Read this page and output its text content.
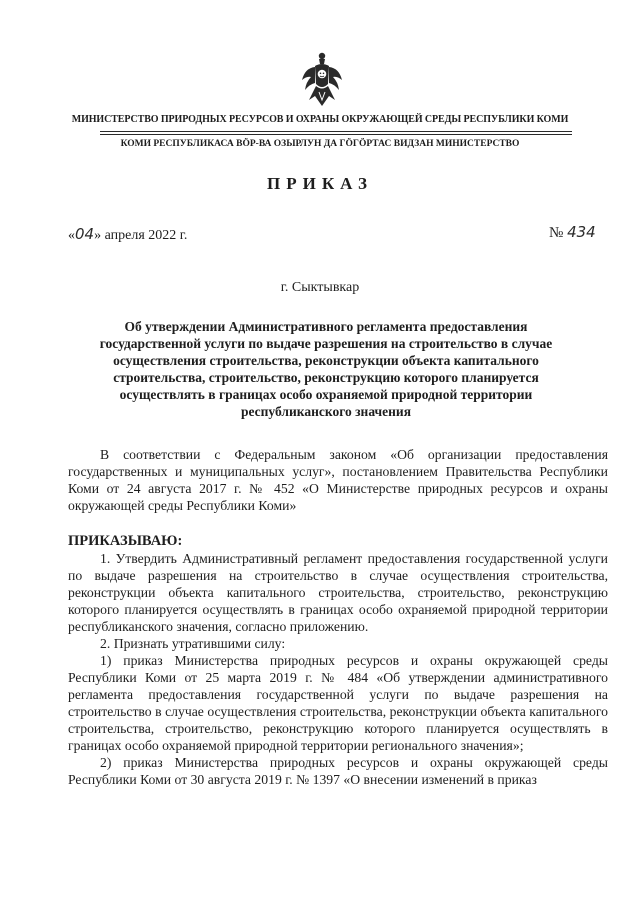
МИНИСТЕРСТВО ПРИРОДНЫХ РЕСУРСОВ И ОХРАНЫ ОКРУЖАЮЩЕЙ СРЕДЫ РЕСПУБЛИКИ КОМИ
КОМИ РЕСПУБЛИКАСА ВӦР-ВА ОЗЫРЛУН ДА ГӦГӦРТАС ВИДЗАН МИНИСТЕРСТВО
ПРИКАЗ
«04» апреля 2022 г.	№ 434
г. Сыктывкар
Об утверждении Административного регламента предоставления государственной услуги по выдаче разрешения на строительство в случае осуществления строительства, реконструкции объекта капитального строительства, строительство, реконструкцию которого планируется осуществлять в границах особо охраняемой природной территории республиканского значения

В соответствии с Федеральным законом «Об организации предоставления государственных и муниципальных услуг», постановлением Правительства Республики Коми от 24 августа 2017 г. № 452 «О Министерстве природных ресурсов и охраны окружающей среды Республики Коми»

ПРИКАЗЫВАЮ:

1. Утвердить Административный регламент предоставления государственной услуги по выдаче разрешения на строительство в случае осуществления строительства, реконструкции объекта капитального строительства, строительство, реконструкцию которого планируется осуществлять в границах особо охраняемой природной территории республиканского значения, согласно приложению.

2. Признать утратившими силу:

1) приказ Министерства природных ресурсов и охраны окружающей среды Республики Коми от 25 марта 2019 г. № 484 «Об утверждении административного регламента предоставления государственной услуги по выдаче разрешения на строительство в случае осуществления строительства, реконструкции объекта капитального строительства, строительство, реконструкцию которого планируется осуществлять в границах особо охраняемой природной территории регионального значения»;

2) приказ Министерства природных ресурсов и охраны окружающей среды Республики Коми от 30 августа 2019 г. № 1397 «О внесении изменений в приказ
